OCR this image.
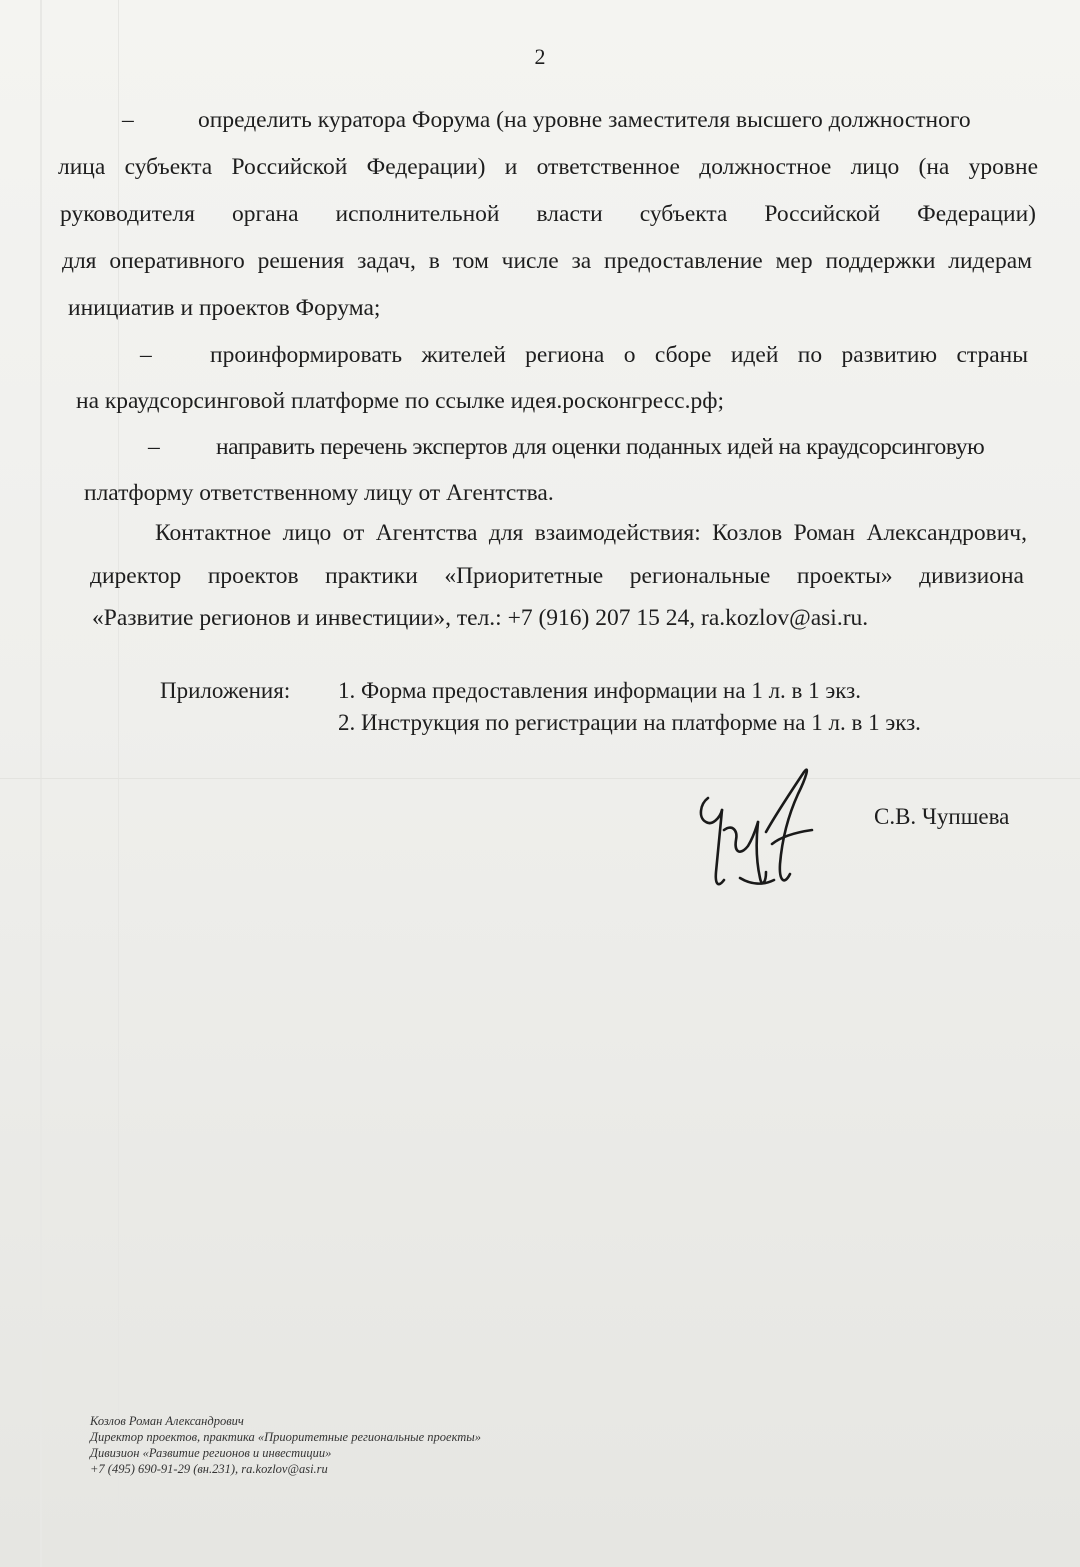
2
–	определить куратора Форума (на уровне заместителя высшего должностного
лица субъекта Российской Федерации) и ответственное должностное лицо (на уровне
руководителя органа исполнительной власти субъекта Российской Федерации)
для оперативного решения задач, в том числе за предоставление мер поддержки лидерам
инициатив и проектов Форума;
– проинформировать жителей региона о сборе идей по развитию страны
на краудсорсинговой платформе по ссылке идея.росконгресс.рф;
– направить перечень экспертов для оценки поданных идей на краудсорсинговую
платформу ответственному лицу от Агентства.
Контактное лицо от Агентства для взаимодействия: Козлов Роман Александрович,
директор проектов практики «Приоритетные региональные проекты» дивизиона
«Развитие регионов и инвестиции», тел.: +7 (916) 207 15 24, ra.kozlov@asi.ru.
Приложения: 1. Форма предоставления информации на 1 л. в 1 экз.
2. Инструкция по регистрации на платформе на 1 л. в 1 экз.
С.В. Чупшева
Козлов Роман Александрович
Директор проектов, практика «Приоритетные региональные проекты»
Дивизион «Развитие регионов и инвестиции»
+7 (495) 690-91-29 (вн.231), ra.kozlov@asi.ru
